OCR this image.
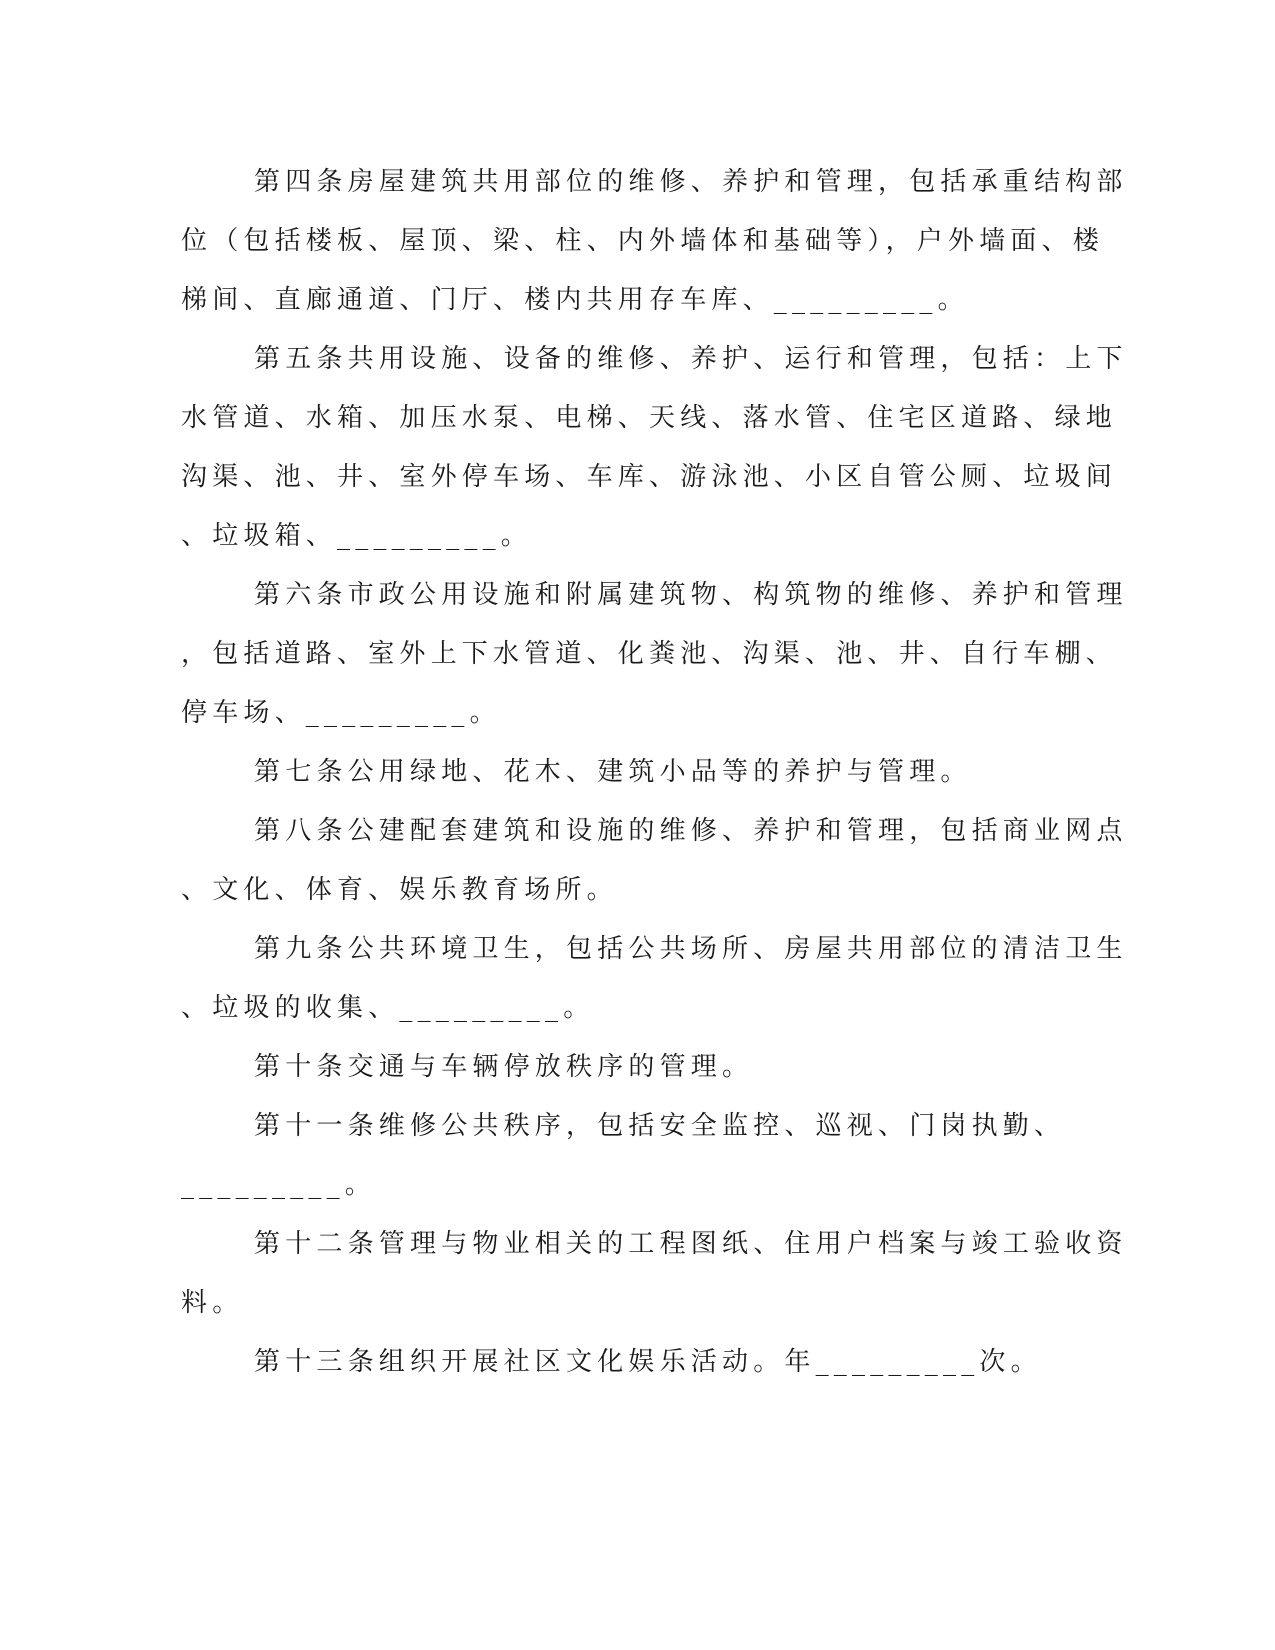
第四条房屋建筑共用部位的维修、养护和管理，包括承重结构部
位（包括楼板、屋顶、梁、柱、内外墙体和基础等），户外墙面、楼
梯间、直廊通道、门厅、楼内共用存车库、_________。
第五条共用设施、设备的维修、养护、运行和管理，包括：上下
水管道、水箱、加压水泵、电梯、天线、落水管、住宅区道路、绿地
沟渠、池、井、室外停车场、车库、游泳池、小区自管公厕、垃圾间
、垃圾箱、_________。
第六条市政公用设施和附属建筑物、构筑物的维修、养护和管理
，包括道路、室外上下水管道、化粪池、沟渠、池、井、自行车棚、
停车场、_________。
第七条公用绿地、花木、建筑小品等的养护与管理。
第八条公建配套建筑和设施的维修、养护和管理，包括商业网点
、文化、体育、娱乐教育场所。
第九条公共环境卫生，包括公共场所、房屋共用部位的清洁卫生
、垃圾的收集、_________。
第十条交通与车辆停放秩序的管理。
第十一条维修公共秩序，包括安全监控、巡视、门岗执勤、
_________。
第十二条管理与物业相关的工程图纸、住用户档案与竣工验收资
料。
第十三条组织开展社区文化娱乐活动。年_________次。
